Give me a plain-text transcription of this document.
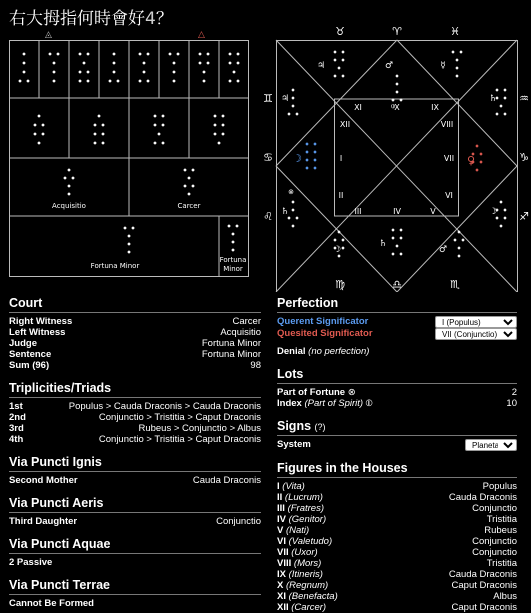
右大拇指何時會好4？
Acquisitio	Carcer
Fortuna Minor
Fortuna
Minor
◬	△	♉	♈	♓
♊
♋
♌
♒
♑
♐
X
XI	IX
XII	VIII
I	VII
II	VI
III	IV	V
♍	♎	♏
♃	♂
♃	♄
⦶
♄
⊗
☽
♄
♂
☽
☿
☽	♀
Court
Right Witness	Carcer
Left Witness	Acquisitio
Judge	Fortuna Minor
Sentence	Fortuna Minor
Sum (96)	98
Triplicities/Triads
1st	Populus > Cauda Draconis > Cauda Draconis
2nd	Conjunctio > Tristitia > Caput Draconis
3rd	Rubeus > Conjunctio > Albus
4th	Conjunctio > Tristitia > Caput Draconis
Via Puncti Ignis
Second Mother	Cauda Draconis
Via Puncti Aeris
Third Daughter	Conjunctio
Via Puncti Aquae
2 Passive
Via Puncti Terrae
Cannot Be Formed
Perfection
Querent Significator
I (Populus)
Quesited Significator
VII (Conjunctio)
Denial (no perfection)
Lots
Part of Fortune ⊗	2
Index (Part of Spirit) ⦶	10
Signs (?)
System
Planetary
Figures in the Houses
I (Vita)	Populus
II (Lucrum)	Cauda Draconis
III (Fratres)	Conjunctio
IV (Genitor)	Tristitia
V (Nati)	Rubeus
VI (Valetudo)	Conjunctio
VII (Uxor)	Conjunctio
VIII (Mors)	Tristitia
IX (Itineris)	Cauda Draconis
X (Regnum)	Caput Draconis
XI (Benefacta)	Albus
XII (Carcer)	Caput Draconis
